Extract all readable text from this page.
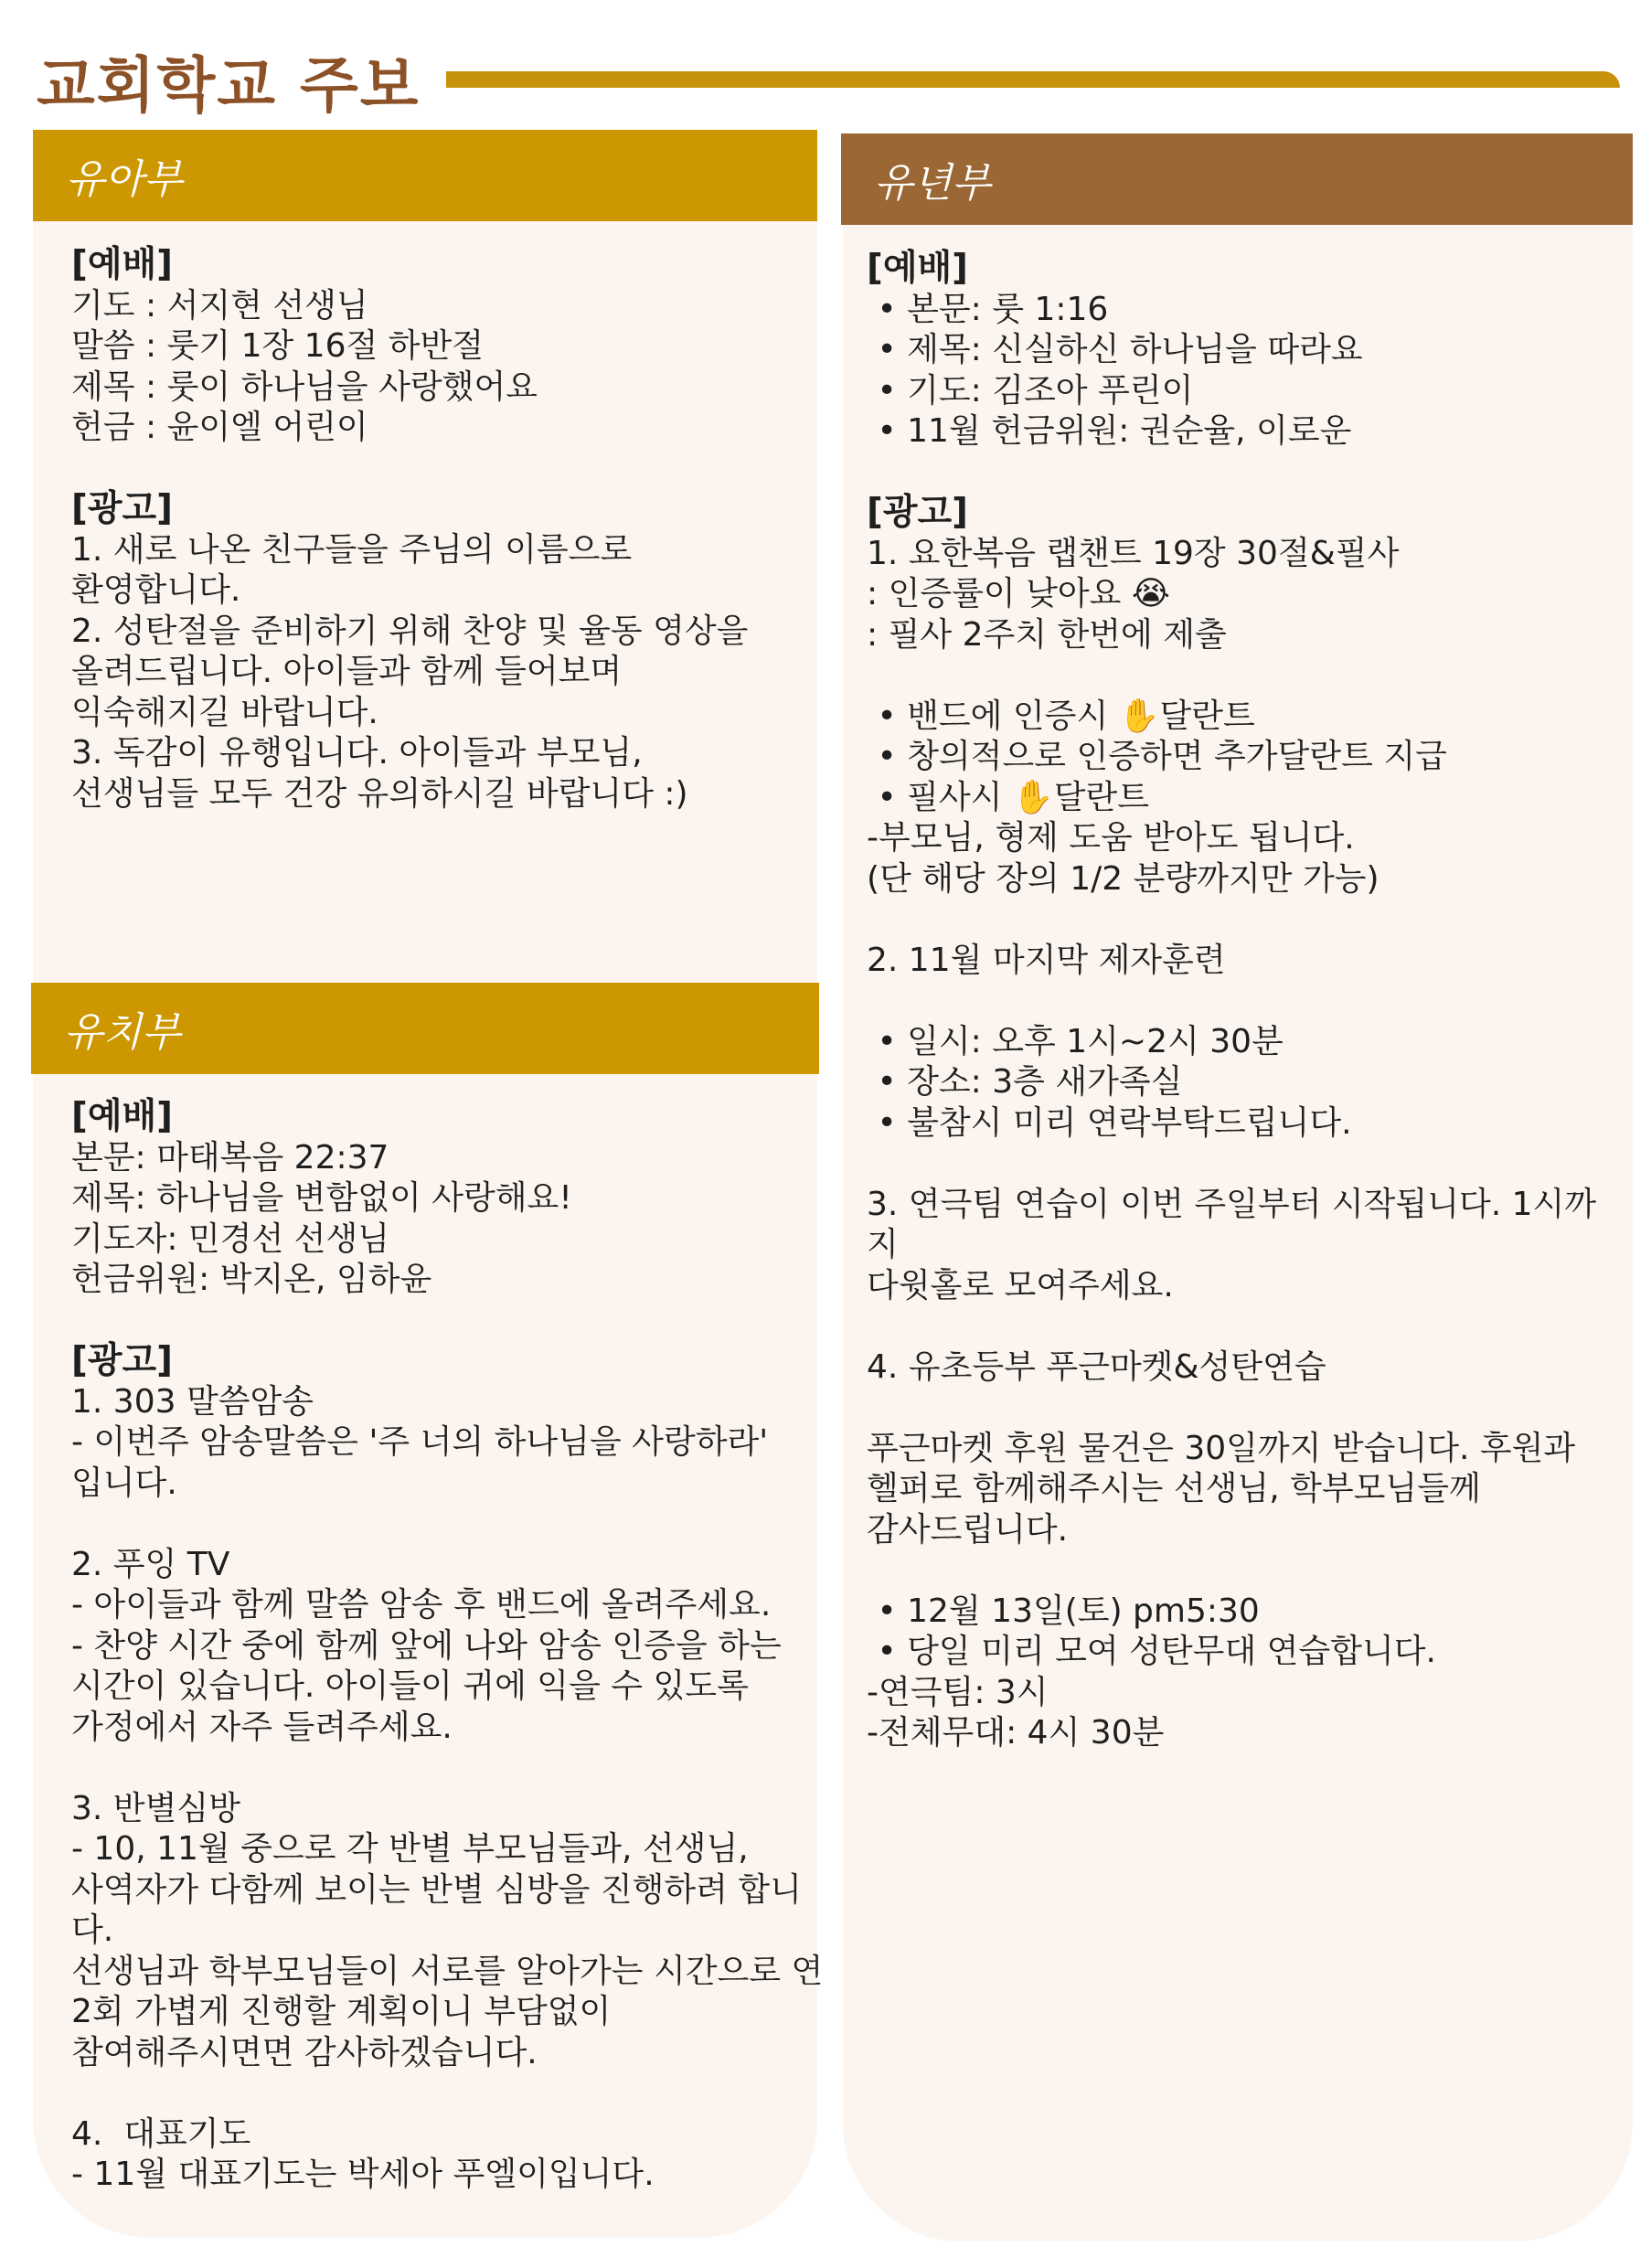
교회학교 주보
유아부
[예배]
기도 : 서지현 선생님
말씀 : 룻기 1장 16절 하반절
제목 : 룻이 하나님을 사랑했어요
헌금 : 윤이엘 어린이
[광고]
1. 새로 나온 친구들을 주님의 이름으로
환영합니다.
2. 성탄절을 준비하기 위해 찬양 및 율동 영상을
올려드립니다. 아이들과 함께 들어보며
익숙해지길 바랍니다.
3. 독감이 유행입니다. 아이들과 부모님,
선생님들 모두 건강 유의하시길 바랍니다 :)
유치부
[예배]
본문: 마태복음 22:37
제목: 하나님을 변함없이 사랑해요!
기도자: 민경선 선생님
헌금위원: 박지온, 임하윤
[광고]
1. 303 말씀암송
- 이번주 암송말씀은 '주 너의 하나님을 사랑하라'
입니다.
2. 푸잉 TV
- 아이들과 함께 말씀 암송 후 밴드에 올려주세요.
- 찬양 시간 중에 함께 앞에 나와 암송 인증을 하는
시간이 있습니다. 아이들이 귀에 익을 수 있도록
가정에서 자주 들려주세요.
3. 반별심방
- 10, 11월 중으로 각 반별 부모님들과, 선생님,
사역자가 다함께 보이는 반별 심방을 진행하려 합니다.
선생님과 학부모님들이 서로를 알아가는 시간으로 연
2회 가볍게 진행할 계획이니 부담없이
참여해주시면면 감사하겠습니다.
4.  대표기도
- 11월 대표기도는 박세아 푸엘이입니다.
유년부
[예배]
• 본문: 룻 1:16
• 제목: 신실하신 하나님을 따라요
• 기도: 김조아 푸린이
• 11월 헌금위원: 권순율, 이로운
[광고]
1. 요한복음 랩챈트 19장 30절&필사
: 인증률이 낮아요 😭
: 필사 2주치 한번에 제출
• 밴드에 인증시 ✋달란트
• 창의적으로 인증하면 추가달란트 지급
• 필사시 ✋달란트
-부모님, 형제 도움 받아도 됩니다.
(단 해당 장의 1/2 분량까지만 가능)
2. 11월 마지막 제자훈련
• 일시: 오후 1시~2시 30분
• 장소: 3층 새가족실
• 불참시 미리 연락부탁드립니다.
3. 연극팀 연습이 이번 주일부터 시작됩니다. 1시까지
다윗홀로 모여주세요.
4. 유초등부 푸근마켓&성탄연습
푸근마켓 후원 물건은 30일까지 받습니다. 후원과
헬퍼로 함께해주시는 선생님, 학부모님들께
감사드립니다.
• 12월 13일(토) pm5:30
• 당일 미리 모여 성탄무대 연습합니다.
-연극팀: 3시
-전체무대: 4시 30분
